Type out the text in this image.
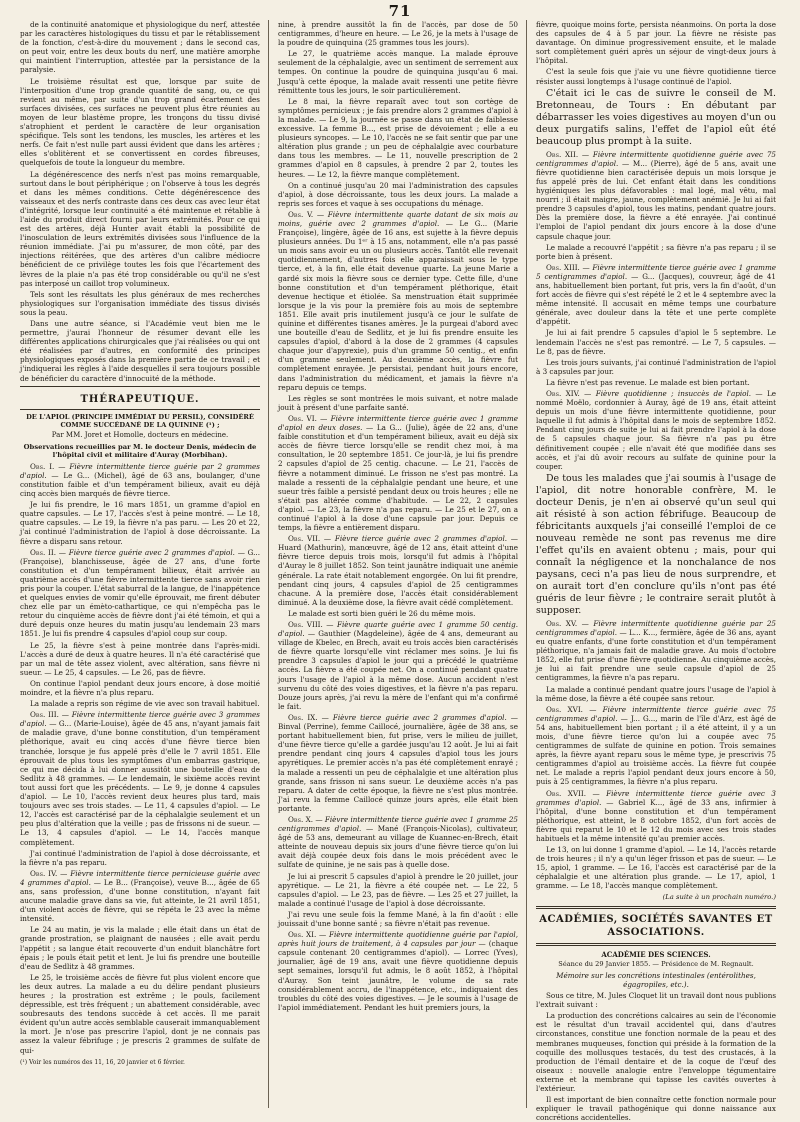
71

de la continuité anatomique et physiologique du nerf, attestée par les caractères histologiques du tissu et par le rétablissement de la fonction, c'est-à-dire du mouvement ; dans le second cas, on peut voir, entre les deux bouts du nerf, une matière amorphe qui maintient l'interruption, attestée par la persistance de la paralysie.

Le troisième résultat est que, lorsque par suite de l'interposition d'une trop grande quantité de sang, ou, ce qui revient au même, par suite d'un trop grand écartement des surfaces divisées, ces surfaces ne peuvent plus être réunies au moyen de leur blastème propre, les tronçons du tissu divisé s'atrophient et perdent le caractère de leur organisation spécifique. Tels sont les tendons, les muscles, les artères et les nerfs. Ce fait n'est nulle part aussi évident que dans les artères ; elles s'oblitèrent et se convertissent en cordes fibreuses, quelquefois de toute la longueur du membre.

La dégénérescence des nerfs n'est pas moins remarquable, surtout dans le bout périphérique ; on l'observe à tous les degrés et dans les mêmes conditions. Cette dégénérescence des vaisseaux et des nerfs contraste dans ces deux cas avec leur état d'intégrité, lorsque leur continuité a été maintenue et rétablie à l'aide du produit direct fourni par leurs extrémités. Pour ce qui est des artères, déjà Hunter avait établi la possibilité de l'inosculation de leurs extrémités divisées sous l'influence de la réunion immédiate. J'ai pu m'assurer, de mon côté, par des injections réitérées, que des artères d'un calibre médiocre bénéficient de ce privilège toutes les fois que l'écartement des lèvres de la plaie n'a pas été trop considérable ou qu'il ne s'est pas interposé un caillot trop volumineux.

Tels sont les résultats les plus généraux de mes recherches physiologiques sur l'organisation immédiate des tissus divisés sous la peau.

Dans une autre séance, si l'Académie veut bien me le permettre, j'aurai l'honneur de résumer devant elle les différentes applications chirurgicales que j'ai réalisées ou qui ont été réalisées par d'autres, en conformité des principes physiologiques exposés dans la première partie de ce travail ; et j'indiquerai les règles à l'aide desquelles il sera toujours possible de bénéficier du caractère d'innocuité de la méthode.

THÉRAPEUTIQUE.
DE L'APIOL (PRINCIPE IMMÉDIAT DU PERSIL), CONSIDÉRÉ COMME SUCCÉDANÉ DE LA QUININE (¹) ;
Par MM. Joret et Homolle, docteurs en médecine.
Observations recueillies par M. le docteur Denis, médecin de l'hôpital civil et militaire d'Auray (Morbihan).

Obs. I. — Fièvre intermittente tierce guérie par 2 grammes d'apiol. — Le G... (Michel), âgé de 63 ans, boulanger, d'une constitution faible et d'un tempérament bilieux, avait eu déjà cinq accès bien marqués de fièvre tierce.

Je lui fis prendre, le 16 mars 1851, un gramme d'apiol en quatre capsules. — Le 17, l'accès s'est à peine montré. — Le 18, quatre capsules. — Le 19, la fièvre n'a pas paru. — Les 20 et 22, j'ai continué l'administration de l'apiol à dose décroissante. La fièvre a disparu sans retour.

Obs. II. — Fièvre tierce guérie avec 2 grammes d'apiol. — G... (Françoise), blanchisseuse, âgée de 27 ans, d'une forte constitution et d'un tempérament bilieux, était arrivée au quatrième accès d'une fièvre intermittente tierce sans avoir rien pris pour la couper. L'état saburral de la langue, de l'inappétence et quelques envies de vomir qu'elle éprouvait, me firent débuter chez elle par un émèto-cathartique, ce qui n'empêcha pas le retour du cinquième accès de fièvre dont j'ai été témoin, et qui a duré depuis onze heures du matin jusqu'au lendemain 23 mars 1851. Je lui fis prendre 4 capsules d'apiol coup sur coup.

Le 25, la fièvre s'est à peine montrée dans l'après-midi. L'accès a duré de deux à quatre heures. Il n'a été caractérisé que par un mal de tête assez violent, avec altération, sans fièvre ni sueur. — Le 25, 4 capsules. — Le 26, pas de fièvre.

On continue l'apiol pendant deux jours encore, à dose moitié moindre, et la fièvre n'a plus reparu.

La malade a repris son régime de vie avec son travail habituel.

Obs. III. — Fièvre intermittente tierce guérie avec 3 grammes d'apiol. — G... (Marie-Louise), âgée de 45 ans, n'ayant jamais fait de maladie grave, d'une bonne constitution, d'un tempérament pléthorique, avait eu cinq accès d'une fièvre tierce bien tranchée, lorsque je fus appelé près d'elle le 7 avril 1851. Elle éprouvait de plus tous les symptômes d'un embarras gastrique, ce qui me décida à lui donner aussitôt une bouteille d'eau de Sedlitz à 48 grammes. — Le lendemain, le sixième accès revint tout aussi fort que les précédents. — Le 9, je donne 4 capsules d'apiol. — Le 10, l'accès revient deux heures plus tard, mais toujours avec ses trois stades. — Le 11, 4 capsules d'apiol. — Le 12, l'accès est caractérisé par de la céphalalgie seulement et un peu plus d'altération que la veille ; pas de frissons ni de sueur. — Le 13, 4 capsules d'apiol. — Le 14, l'accès manque complètement.

J'ai continué l'administration de l'apiol à dose décroissante, et la fièvre n'a pas reparu.

Obs. IV. — Fièvre intermittente tierce pernicieuse guérie avec 4 grammes d'apiol. — Le B... (Françoise), veuve B..., âgée de 65 ans, sans profession, d'une bonne constitution, n'ayant fait aucune maladie grave dans sa vie, fut atteinte, le 21 avril 1851, d'un violent accès de fièvre, qui se répéta le 23 avec la même intensité.

Le 24 au matin, je vis la malade ; elle était dans un état de grande prostration, se plaignant de nausées ; elle avait perdu l'appétit ; sa langue était recouverte d'un enduit blanchâtre fort épais ; le pouls était petit et lent. Je lui fis prendre une bouteille d'eau de Sedlitz à 48 grammes.

Le 25, le troisième accès de fièvre fut plus violent encore que les deux autres. La malade a eu du délire pendant plusieurs heures ; la prostration est extrême ; le pouls, facilement dépressible, est très fréquent ; un abattement considérable, avec soubresauts des tendons succède à cet accès. Il me parait évident qu'un autre accès semblable causerait immanquablement la mort. Je n'ose pas prescrire l'apiol, dont je ne connais pas assez la valeur fébrifuge ; je prescris 2 grammes de sulfate de qui-

(¹) Voir les numéros des 11, 16, 20 janvier et 6 février.

nine, à prendre aussitôt la fin de l'accès, par dose de 50 centigrammes, d'heure en heure. — Le 26, je la mets à l'usage de la poudre de quinquina (25 grammes tous les jours).

Le 27, le quatrième accès manque. La malade éprouve seulement de la céphalalgie, avec un sentiment de serrement aux tempes. On continue la poudre de quinquina jusqu'au 6 mai. Jusqu'à cette époque, la malade avait ressenti une petite fièvre rémittente tous les jours, le soir particulièrement.

Le 8 mai, la fièvre reparaît avec tout son cortège de symptômes pernicieux ; je fais prendre alors 2 grammes d'apiol à la malade. — Le 9, la journée se passe dans un état de faiblesse excessive. La femme B..., est prise de dévoiement ; elle a eu plusieurs syncopes. — Le 10, l'accès ne se fait sentir que par une altération plus grande ; un peu de céphalalgie avec courbature dans tous les membres. — Le 11, nouvelle prescription de 2 grammes d'apiol en 8 capsules, à prendre 2 par 2, toutes les heures. — Le 12, la fièvre manque complètement.

On a continué jusqu'au 20 mai l'administration des capsules d'apiol, à dose décroissante, tous les deux jours. La malade a repris ses forces et vaque à ses occupations du ménage.

Obs. V. — Fièvre intermittente quarte datant de six mois au moins, guérie avec 2 grammes d'apiol. — Le G... (Marie Françoise), lingère, âgée de 16 ans, est sujette à la fièvre depuis plusieurs années. Du 1ᵉʳ à 15 ans, notamment, elle n'a pas passé un mois sans avoir eu un ou plusieurs accès. Tantôt elle revenait quotidiennement, d'autres fois elle apparaissait sous le type tierce, et, à la fin, elle était devenue quarte. La jeune Marie a gardé six mois la fièvre sous ce dernier type. Cette fille, d'une bonne constitution et d'un tempérament pléthorique, était devenue hectique et étiolée. Sa menstruation était supprimée lorsque je la vis pour la première fois au mois de septembre 1851. Elle avait pris inutilement jusqu'à ce jour le sulfate de quinine et différentes tisanes amères. Je la purgeai d'abord avec une bouteille d'eau de Sedlitz, et je lui fis prendre ensuite les capsules d'apiol, d'abord à la dose de 2 grammes (4 capsules chaque jour d'apyrexie), puis d'un gramme 50 centig., et enfin d'un gramme seulement. Au deuxième accès, la fièvre fut complètement enrayée. Je persistai, pendant huit jours encore, dans l'administration du médicament, et jamais la fièvre n'a reparu depuis ce temps.

Les règles se sont montrées le mois suivant, et notre malade jouit à présent d'une parfaite santé.

Obs. VI. — Fièvre intermittente tierce guérie avec 1 gramme d'apiol en deux doses. — La G... (Julie), âgée de 22 ans, d'une faible constitution et d'un tempérament bilieux, avait eu déjà six accès de fièvre tierce lorsqu'elle se rendit chez moi, à ma consultation, le 20 septembre 1851. Ce jour-là, je lui fis prendre 2 capsules d'apiol de 25 centig. chacune. — Le 21, l'accès de fièvre a notamment diminué. Le frisson ne s'est pas montré. La malade a ressenti de la céphalalgie pendant une heure, et une sueur très faible a persisté pendant deux ou trois heures ; elle ne s'était pas altérée comme d'habitude. — Le 22, 2 capsules d'apiol. — Le 23, la fièvre n'a pas reparu. — Le 25 et le 27, on a continué l'apiol à la dose d'une capsule par jour. Depuis ce temps, la fièvre a entièrement disparu.

Obs. VII. — Fièvre tierce guérie avec 2 grammes d'apiol. — Huard (Mathurin), manœuvre, âgé de 12 ans, était atteint d'une fièvre tierce depuis trois mois, lorsqu'il fut admis à l'hôpital d'Auray le 8 juillet 1852. Son teint jaunâtre indiquait une anémie générale. La rate était notablement engorgée. On lui fit prendre, pendant cinq jours, 4 capsules d'apiol de 25 centigrammes chacune. A la première dose, l'accès était considérablement diminué. A la deuxième dose, la fièvre avait cédé complètement.

Le malade est sorti bien guéri le 26 du même mois.

Obs. VIII. — Fièvre quarte guérie avec 1 gramme 50 centig. d'apiol. — Gauthier (Magdeleine), âgée de 4 ans, demeurant au village de Kbelec, en Brech, avait eu trois accès bien caractérisés de fièvre quarte lorsqu'elle vint réclamer mes soins. Je lui fis prendre 3 capsules d'apiol le jour qui a précédé le quatrième accès. La fièvre a été coupée net. On a continué pendant quatre jours l'usage de l'apiol à la même dose. Aucun accident n'est survenu du côté des voies digestives, et la fièvre n'a pas reparu. Douze jours après, j'ai revu la mère de l'enfant qui m'a confirmé le fait.

Obs. IX. — Fièvre tierce guérie avec 2 grammes d'apiol. — Binval (Perrine), femme Caillocé, journalière, âgée de 38 ans, se portant habituellement bien, fut prise, vers le milieu de juillet, d'une fièvre tierce qu'elle a gardée jusqu'au 12 août. Je lui ai fait prendre pendant cinq jours 4 capsules d'apiol tous les jours apyrétiques. Le premier accès n'a pas été complètement enrayé ; la malade a ressenti un peu de céphalalgie et une altération plus grande, sans frisson ni sans sueur. Le deuxième accès n'a pas reparu. A dater de cette époque, la fièvre ne s'est plus montrée. J'ai revu la femme Caillocé quinze jours après, elle était bien portante.

Obs. X. — Fièvre intermittente tierce guérie avec 1 gramme 25 centigrammes d'apiol. — Mané (François-Nicolas), cultivateur, âgé de 53 ans, demeurant au village de Kuannec-en-Brech, était atteinte de nouveau depuis six jours d'une fièvre tierce qu'on lui avait déjà coupée deux fois dans le mois précédent avec le sulfate de quinine, je ne sais pas à quelle dose.

Je lui ai prescrit 5 capsules d'apiol à prendre le 20 juillet, jour apyrétique. — Le 21, la fièvre a été coupée net. — Le 22, 5 capsules d'apiol. — Le 23, pas de fièvre. — Les 25 et 27 juillet, la malade a continué l'usage de l'apiol à dose décroissante.

J'ai revu une seule fois la femme Mané, à la fin d'août : elle jouissait d'une bonne santé ; sa fièvre n'était pas revenue.

Obs. XI. — Fièvre intermittente quotidienne guérie par l'apiol, après huit jours de traitement, à 4 capsules par jour — (chaque capsule contenant 20 centigrammes d'apiol). — Lorrec (Yves), journalier, âgé de 19 ans, avait une fièvre quotidienne depuis sept semaines, lorsqu'il fut admis, le 8 août 1852, à l'hôpital d'Auray. Son teint jaunâtre, le volume de sa rate considérablement accru, de l'inappétence, etc., indiquaient des troubles du côté des voies digestives. — Je le soumis à l'usage de l'apiol immédiatement. Pendant les huit premiers jours, la

fièvre, quoique moins forte, persista néanmoins. On porta la dose des capsules de 4 à 5 par jour. La fièvre ne résiste pas davantage. On diminue progressivement ensuite, et le malade sort complètement guéri après un séjour de vingt-deux jours à l'hôpital.

C'est la seule fois que j'aie vu une fièvre quotidienne tierce résister aussi longtemps à l'usage continué de l'apiol.

C'était ici le cas de suivre le conseil de M. Bretonneau, de Tours : En débutant par débarrasser les voies digestives au moyen d'un ou deux purgatifs salins, l'effet de l'apiol eût été beaucoup plus prompt à la suite.

Obs. XII. — Fièvre intermittente quotidienne guérie avec 75 centigrammes d'apiol. — M... (Pierre), âgé de 5 ans, avait une fièvre quotidienne bien caractérisée depuis un mois lorsque je fus appelé près de lui. Cet enfant était dans les conditions hygiéniques les plus défavorables : mal logé, mal vêtu, mal nourri ; il était maigre, jaune, complètement anémié. Je lui ai fait prendre 3 capsules d'apiol, tous les matins, pendant quatre jours. Dès la première dose, la fièvre a été enrayée. J'ai continué l'emploi de l'apiol pendant dix jours encore à la dose d'une capsule chaque jour.

Le malade a recouvré l'appétit ; sa fièvre n'a pas reparu ; il se porte bien à présent.

Obs. XIII. — Fièvre intermittente tierce guérie avec 1 gramme 5 centigrammes d'apiol. — G... (Jacques), couvreur, âgé de 41 ans, habituellement bien portant, fut pris, vers la fin d'août, d'un fort accès de fièvre qui s'est répété le 2 et le 4 septembre avec la même intensité. Il accusait en même temps une courbature générale, avec douleur dans la tête et une perte complète d'appétit.

Je lui ai fait prendre 5 capsules d'apiol le 5 septembre. Le lendemain l'accès ne s'est pas remontré. — Le 7, 5 capsules. — Le 8, pas de fièvre.

Les trois jours suivants, j'ai continué l'administration de l'apiol à 3 capsules par jour.

La fièvre n'est pas revenue. Le malade est bien portant.

Obs. XIV. — Fièvre quotidienne ; insuccès de l'apiol. — Le nommé Moëlo, cordonnier à Auray, âgé de 19 ans, était atteint depuis un mois d'une fièvre intermittente quotidienne, pour laquelle il fut admis à l'hôpital dans le mois de septembre 1852. Pendant cinq jours de suite je lui ai fait prendre l'apiol à la dose de 5 capsules chaque jour. Sa fièvre n'a pas pu être définitivement coupée ; elle n'avait été que modifiée dans ses accès, et j'ai dû avoir recours au sulfate de quinine pour la couper.

De tous les malades que j'ai soumis à l'usage de l'apiol, dit notre honorable confrère, M. le docteur Denis, je n'en ai observé qu'un seul qui ait résisté à son action fébrifuge. Beaucoup de fébricitants auxquels j'ai conseillé l'emploi de ce nouveau remède ne sont pas revenus me dire l'effet qu'ils en avaient obtenu ; mais, pour qui connaît la négligence et la nonchalance de nos paysans, ceci n'a pas lieu de nous surprendre, et on aurait tort d'en conclure qu'ils n'ont pas été guéris de leur fièvre ; le contraire serait plutôt à supposer.

Obs. XV. — Fièvre intermittente quotidienne guérie par 25 centigrammes d'apiol. — L... K..., fermière, âgée de 36 ans, ayant eu quatre enfants, d'une forte constitution et d'un tempérament pléthorique, n'a jamais fait de maladie grave. Au mois d'octobre 1852, elle fut prise d'une fièvre quotidienne. Au cinquième accès, je lui ai fait prendre une seule capsule d'apiol de 25 centigrammes, la fièvre n'a pas reparu.

La malade a continué pendant quatre jours l'usage de l'apiol à la même dose, la fièvre a été coupée sans retour.

Obs. XVI. — Fièvre intermittente tierce guérie avec 75 centigrammes d'apiol. — J... G..., marin de l'île d'Arz, est âgé de 54 ans, habituellement bien portant ; il a été atteint, il y a un mois, d'une fièvre tierce qu'on lui a coupée avec 75 centigrammes de sulfate de quinine en potion. Trois semaines après, la fièvre ayant reparu sous le même type, je prescrivis 75 centigrammes d'apiol au troisième accès. La fièvre fut coupée net. Le malade a repris l'apiol pendant deux jours encore à 50, puis à 25 centigrammes, la fièvre n'a plus reparu.

Obs. XVII. — Fièvre intermittente tierce guérie avec 3 grammes d'apiol. — Gabriel K..., âgé de 33 ans, infirmier à l'hôpital, d'une bonne constitution et d'un tempérament pléthorique, est atteint, le 8 octobre 1852, d'un fort accès de fièvre qui reparut le 10 et le 12 du mois avec ses trois stades habituels et la même intensité qu'au premier accès.

Le 13, on lui donne 1 gramme d'apiol. — Le 14, l'accès retarde de trois heures ; il n'y a qu'un léger frisson et pas de sueur. — Le 15, apiol, 1 gramme. — Le 16, l'accès est caractérisé par de la céphalalgie et une altération plus grande. — Le 17, apiol, 1 gramme. — Le 18, l'accès manque complètement.

(La suite à un prochain numéro.)
ACADÉMIES, SOCIÉTÉS SAVANTES ET ASSOCIATIONS.
ACADÉMIE DES SCIENCES.
Séance du 29 Janvier 1855. — Présidence de M. Regnault.
Mémoire sur les concrétions intestinales (entérolithes, égagropiles, etc.).

Sous ce titre, M. Jules Cloquet lit un travail dont nous publions l'extrait suivant :

La production des concrétions calcaires au sein de l'économie est le résultat d'un travail accidentel qui, dans d'autres circonstances, constitue une fonction normale de la peau et des membranes muqueuses, fonction qui préside à la formation de la coquille des mollusques testacés, du test des crustacés, à la production de l'émail dentaire et de la coque de l'œuf des oiseaux : nouvelle analogie entre l'enveloppe tégumentaire externe et la membrane qui tapisse les cavités ouvertes à l'extérieur.

Il est important de bien connaître cette fonction normale pour expliquer le travail pathogénique qui donne naissance aux concrétions accidentelles.
